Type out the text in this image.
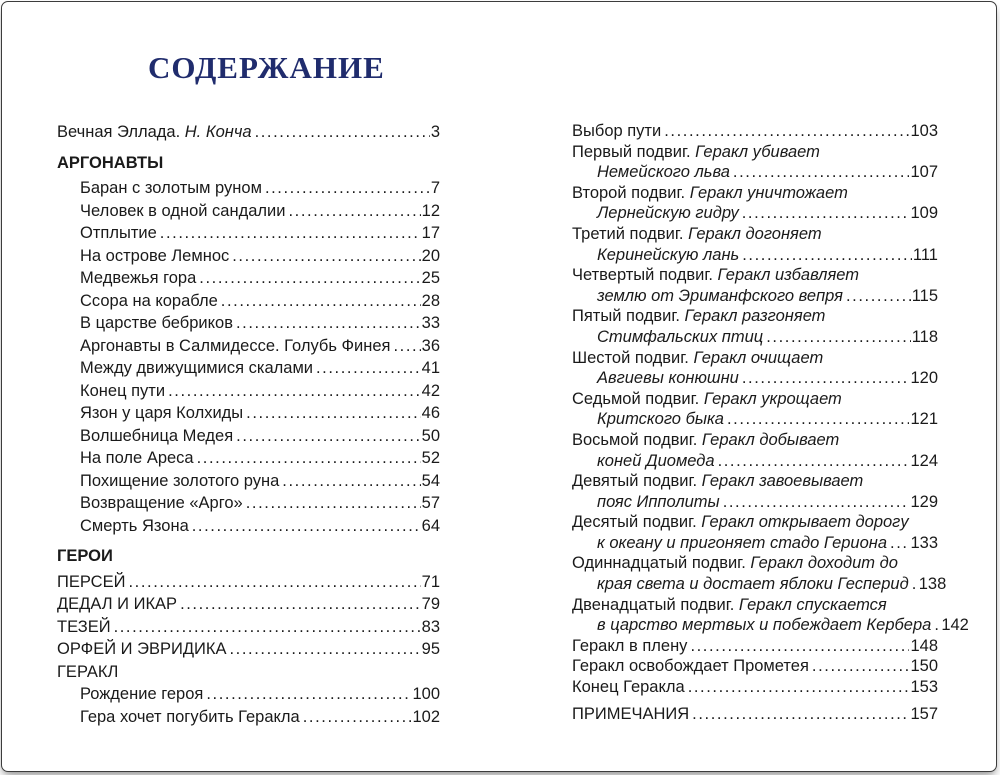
СОДЕРЖАНИЕ
Вечная Эллада. Н. Конча .....	3
АРГОНАВТЫ
Баран с золотым руном .....	7
Человек в одной сандалии .....	12
Отплытие .....	17
На острове Лемнос .....	20
Медвежья гора .....	25
Ссора на корабле .....	28
В царстве бебриков .....	33
Аргонавты в Салмидессе. Голубь Финея ..... 36
Между движущимися скалами .....	41
Конец пути .....	42
Язон у царя Колхиды .....	46
Волшебница Медея .....	50
На поле Ареса .....	52
Похищение золотого руна .....	54
Возвращение «Арго» .....	57
Смерть Язона .....	64
ГЕРОИ
ПЕРСЕЙ .....	71
ДЕДАЛ И ИКАР .....	79
ТЕЗЕЙ .....	83
ОРФЕЙ И ЭВРИДИКА .....	95
ГЕРАКЛ
Рождение героя .....	100
Гера хочет погубить Геракла .....	102
Выбор пути .....	103
Первый подвиг. Геракл убивает
Немейского льва .....	107
Второй подвиг. Геракл уничтожает
Лернейскую гидру .....	109
Третий подвиг. Геракл догоняет
Керинейскую лань .....	111
Четвертый подвиг. Геракл избавляет
землю от Эриманфского вепря .....	115
Пятый подвиг. Геракл разгоняет
Стимфальских птиц .....	118
Шестой подвиг. Геракл очищает
Авгиевы конюшни .....	120
Седьмой подвиг. Геракл укрощает
Критского быка .....	121
Восьмой подвиг. Геракл добывает
коней Диомеда .....	124
Девятый подвиг. Геракл завоевывает
пояс Ипполиты .....	129
Десятый подвиг. Геракл открывает дорогу
к океану и пригоняет стадо Гериона ..... 133
Одиннадцатый подвиг. Геракл доходит до
края света и достает яблоки Гесперид ..... 138
Двенадцатый подвиг. Геракл спускается
в царство мертвых и побеждает Кербера ..... 142
Геракл в плену .....	148
Геракл освобождает Прометея .....	150
Конец Геракла .....	153
ПРИМЕЧАНИЯ .....	157
